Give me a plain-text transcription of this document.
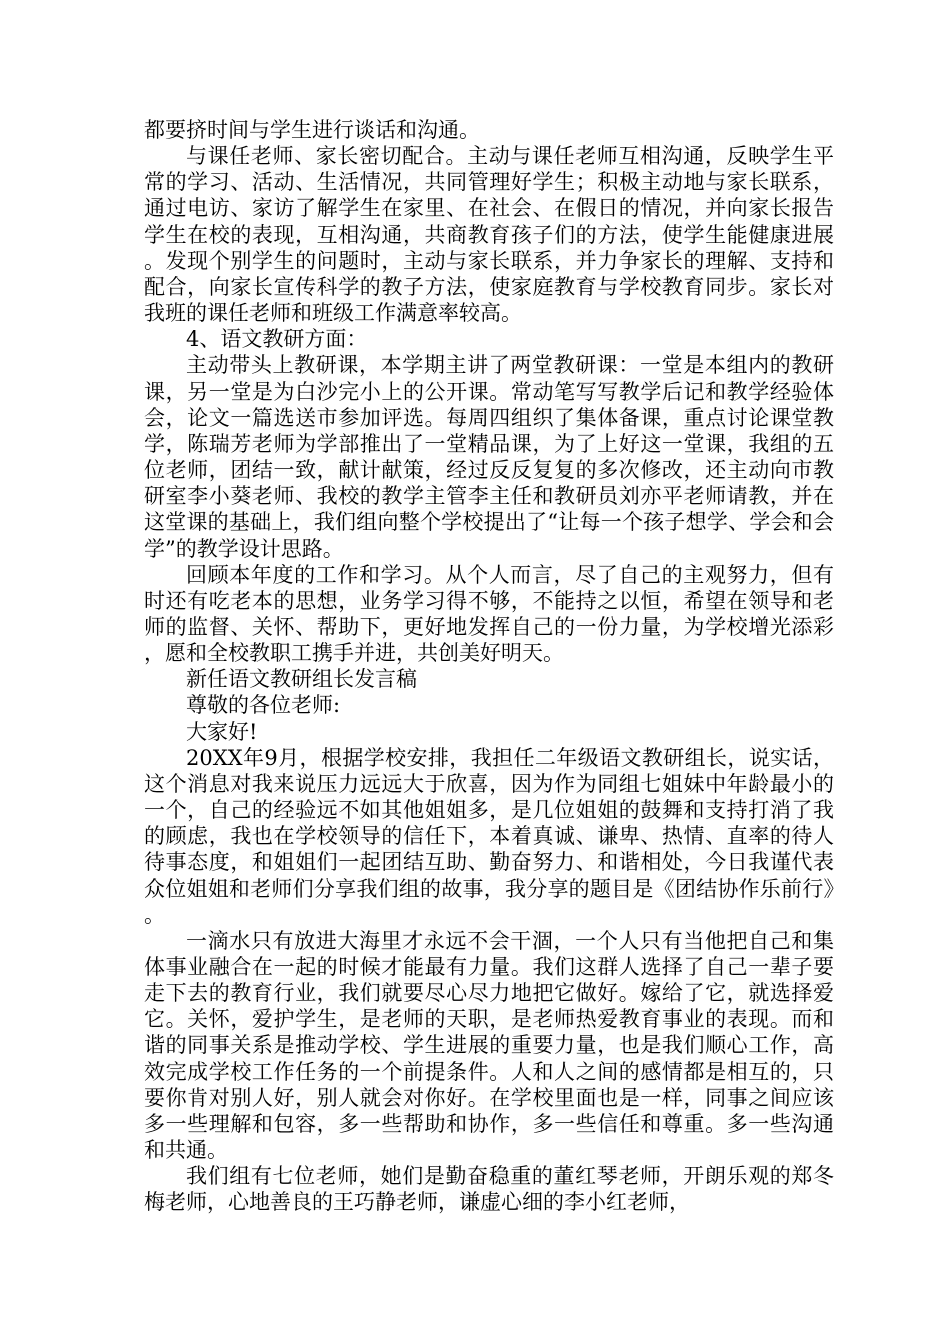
都要挤时间与学生进行谈话和沟通。

与课任老师、家长密切配合。主动与课任老师互相沟通，反映学生平常的学习、活动、生活情况，共同管理好学生；积极主动地与家长联系，通过电访、家访了解学生在家里、在社会、在假日的情况，并向家长报告学生在校的表现，互相沟通，共商教育孩子们的方法，使学生能健康进展。发现个别学生的问题时，主动与家长联系，并力争家长的理解、支持和配合，向家长宣传科学的教子方法，使家庭教育与学校教育同步。家长对我班的课任老师和班级工作满意率较高。

4、语文教研方面：

主动带头上教研课，本学期主讲了两堂教研课：一堂是本组内的教研课，另一堂是为白沙完小上的公开课。常动笔写写教学后记和教学经验体会，论文一篇选送市参加评选。每周四组织了集体备课，重点讨论课堂教学，陈瑞芳老师为学部推出了一堂精品课，为了上好这一堂课，我组的五位老师，团结一致，献计献策，经过反反复复的多次修改，还主动向市教研室李小葵老师、我校的教学主管李主任和教研员刘亦平老师请教，并在这堂课的基础上，我们组向整个学校提出了“让每一个孩子想学、学会和会学”的教学设计思路。

回顾本年度的工作和学习。从个人而言，尽了自己的主观努力，但有时还有吃老本的思想，业务学习得不够，不能持之以恒，希望在领导和老师的监督、关怀、帮助下，更好地发挥自己的一份力量，为学校增光添彩，愿和全校教职工携手并进，共创美好明天。

新任语文教研组长发言稿

尊敬的各位老师:

大家好!

20XX年9月，根据学校安排，我担任二年级语文教研组长，说实话，这个消息对我来说压力远远大于欣喜，因为作为同组七姐妹中年龄最小的一个，自己的经验远不如其他姐姐多，是几位姐姐的鼓舞和支持打消了我的顾虑，我也在学校领导的信任下，本着真诚、谦卑、热情、直率的待人待事态度，和姐姐们一起团结互助、勤奋努力、和谐相处，今日我谨代表众位姐姐和老师们分享我们组的故事，我分享的题目是《团结协作乐前行》。

一滴水只有放进大海里才永远不会干涸，一个人只有当他把自己和集体事业融合在一起的时候才能最有力量。我们这群人选择了自己一辈子要走下去的教育行业，我们就要尽心尽力地把它做好。嫁给了它，就选择爱它。关怀，爱护学生，是老师的天职，是老师热爱教育事业的表现。而和谐的同事关系是推动学校、学生进展的重要力量，也是我们顺心工作，高效完成学校工作任务的一个前提条件。人和人之间的感情都是相互的，只要你肯对别人好，别人就会对你好。在学校里面也是一样，同事之间应该多一些理解和包容，多一些帮助和协作，多一些信任和尊重。多一些沟通和共通。

我们组有七位老师，她们是勤奋稳重的董红琴老师，开朗乐观的郑冬梅老师，心地善良的王巧静老师，谦虚心细的李小红老师，
